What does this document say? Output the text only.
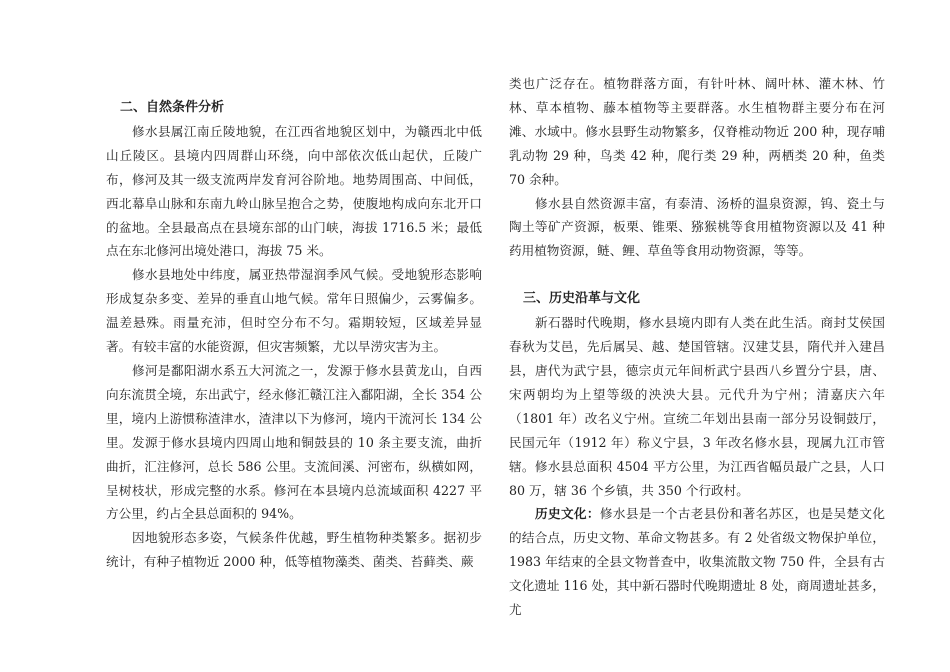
二、自然条件分析

修水县属江南丘陵地貌，在江西省地貌区划中，为赣西北中低山丘陵区。县境内四周群山环绕，向中部依次低山起伏，丘陵广布，修河及其一级支流两岸发育河谷阶地。地势周围高、中间低，西北幕阜山脉和东南九岭山脉呈抱合之势，使腹地构成向东北开口的盆地。全县最高点在县境东部的山门峡，海拔 1716.5 米；最低点在东北修河出境处港口，海拔 75 米。

修水县地处中纬度，属亚热带湿润季风气候。受地貌形态影响形成复杂多变、差异的垂直山地气候。常年日照偏少，云雾偏多。温差悬殊。雨量充沛，但时空分布不匀。霜期较短，区域差异显著。有较丰富的水能资源，但灾害频繁，尤以旱涝灾害为主。

修河是鄱阳湖水系五大河流之一，发源于修水县黄龙山，自西向东流贯全境，东出武宁，经永修汇赣江注入鄱阳湖，全长 354 公里，境内上游惯称渣津水，渣津以下为修河，境内干流河长 134 公里。发源于修水县境内四周山地和铜鼓县的 10 条主要支流，曲折曲折，汇注修河，总长 586 公里。支流间溪、河密布，纵横如网，呈树枝状，形成完整的水系。修河在本县境内总流域面积 4227 平方公里，约占全县总面积的 94%。

因地貌形态多姿，气候条件优越，野生植物种类繁多。据初步统计，有种子植物近 2000 种，低等植物藻类、菌类、苔藓类、蕨

类也广泛存在。植物群落方面，有针叶林、阔叶林、灌木林、竹林、草本植物、藤本植物等主要群落。水生植物群主要分布在河滩、水域中。修水县野生动物繁多，仅脊椎动物近 200 种，现存哺乳动物 29 种，鸟类 42 种，爬行类 29 种，两栖类 20 种，鱼类 70 余种。

修水县自然资源丰富，有泰清、汤桥的温泉资源，钨、瓷土与陶土等矿产资源，板栗、锥栗、猕猴桃等食用植物资源以及 41 种药用植物资源，鲢、鲤、草鱼等食用动物资源，等等。

三、历史沿革与文化

新石器时代晚期，修水县境内即有人类在此生活。商封艾侯国春秋为艾邑，先后属吴、越、楚国管辖。汉建艾县，隋代并入建昌县，唐代为武宁县，德宗贞元年间析武宁县西八乡置分宁县，唐、宋两朝均为上望等级的泱泱大县。元代升为宁州；清嘉庆六年（1801 年）改名义宁州。宣统二年划出县南一部分另设铜鼓厅，民国元年（1912 年）称义宁县，3 年改名修水县，现属九江市管辖。修水县总面积 4504 平方公里，为江西省幅员最广之县，人口 80 万，辖 36 个乡镇，共 350 个行政村。

历史文化：修水县是一个古老县份和著名苏区，也是吴楚文化的结合点，历史文物、革命文物甚多。有 2 处省级文物保护单位，1983 年结束的全县文物普查中，收集流散文物 750 件，全县有古文化遗址 116 处，其中新石器时代晚期遗址 8 处，商周遗址甚多，尤
